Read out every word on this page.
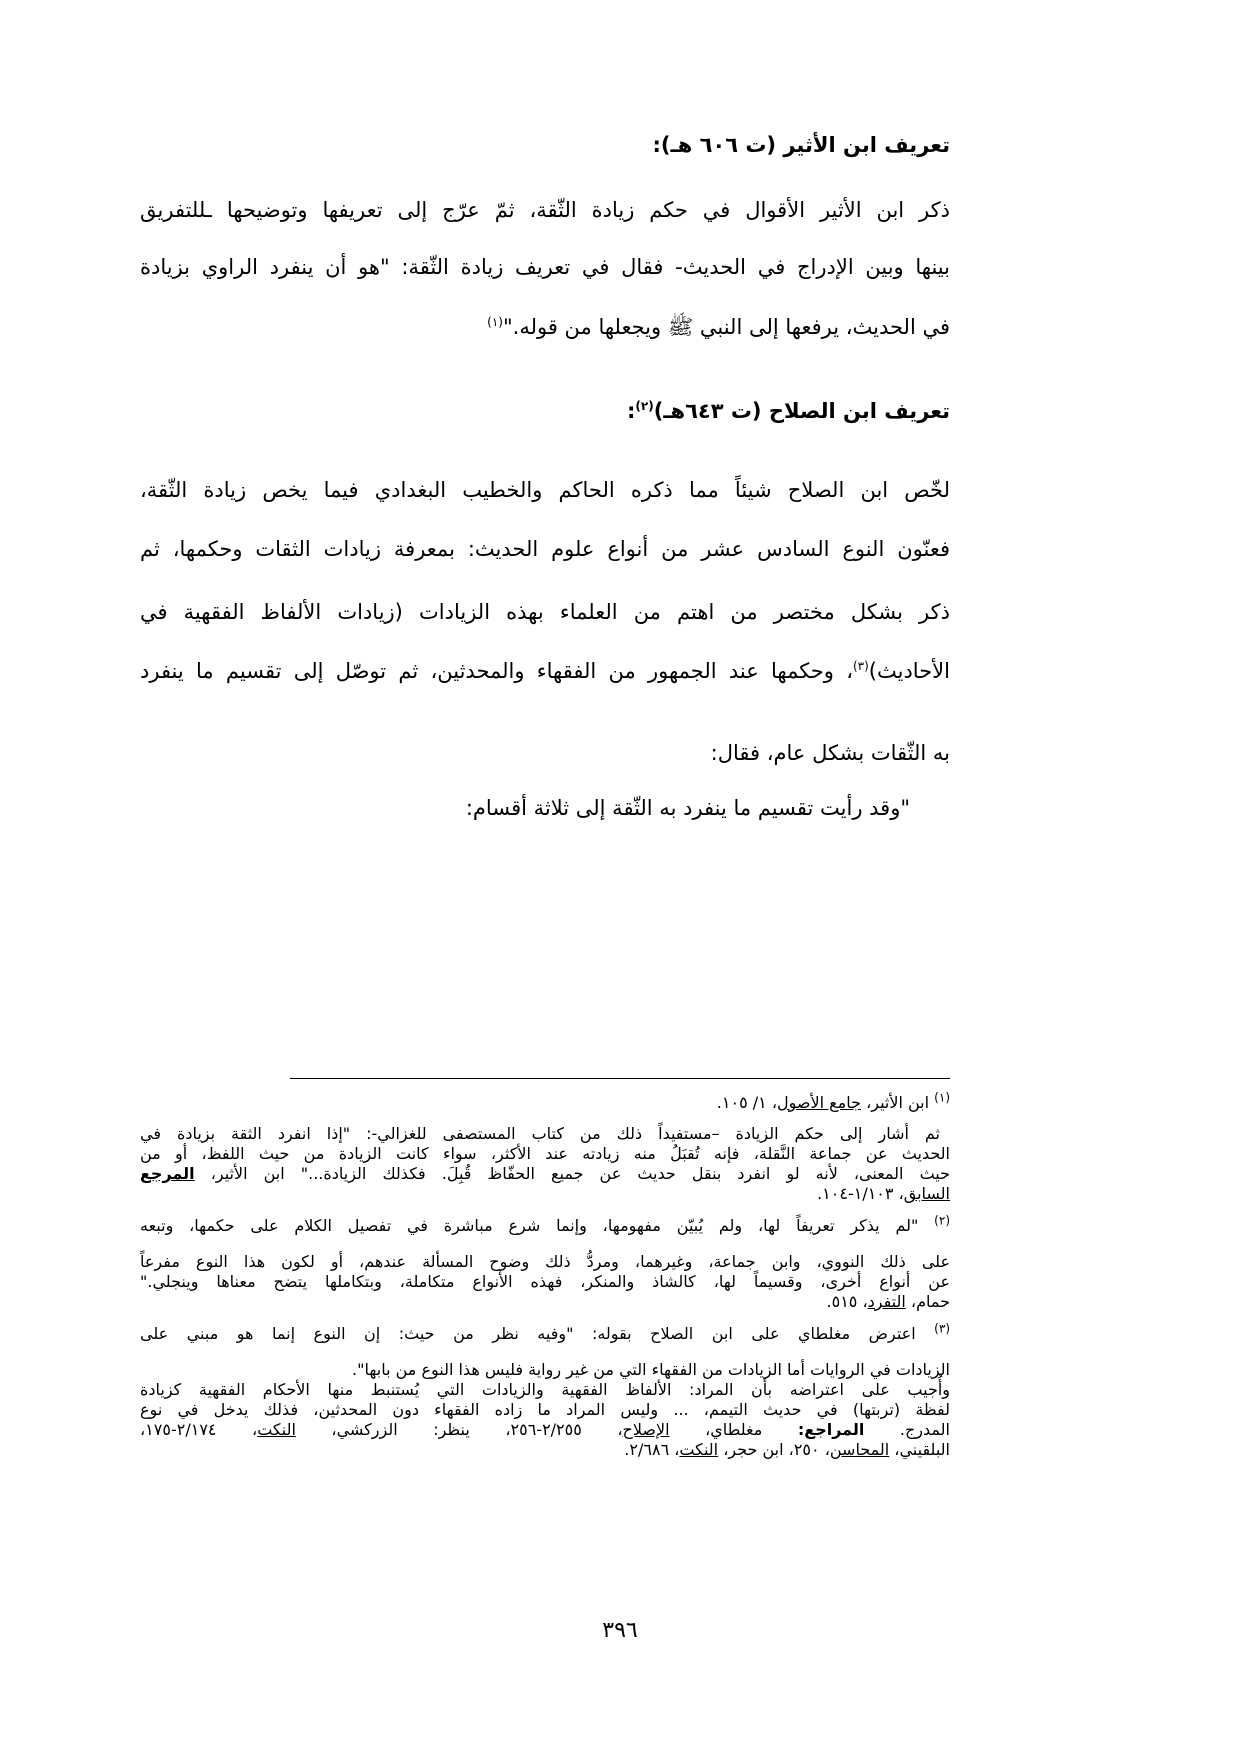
تعريف ابن الأثير (ت ٦٠٦ هـ):

ذكر ابن الأثير الأقوال في حكم زيادة الثّقة، ثمّ عرّج إلى تعريفها وتوضيحها ـللتفريق

بينها وبين الإدراج في الحديث- فقال في تعريف زيادة الثّقة: "هو أن ينفرد الراوي بزيادة

في الحديث، يرفعها إلى النبي ﷺ ويجعلها من قوله."$^{(١)}$

تعريف ابن الصلاح (ت ٦٤٣هـ)$^{(٢)}$:

لخّص ابن الصلاح شيئاً مما ذكره الحاكم والخطيب البغدادي فيما يخص زيادة الثّقة،

فعنّون النوع السادس عشر من أنواع علوم الحديث: بمعرفة زيادات الثقات وحكمها، ثم

ذكر بشكل مختصر من اهتم من العلماء بهذه الزيادات (زيادات الألفاظ الفقهية في

الأحاديث)$^{(٣)}$، وحكمها عند الجمهور من الفقهاء والمحدثين، ثم توصّل إلى تقسيم ما ينفرد

به الثّقات بشكل عام، فقال:

"وقد رأيت تقسيم ما ينفرد به الثّقة إلى ثلاثة أقسام:

$^{(١)}$ ابن الأثير، جامع الأصول، ١/ ١٠٥.
ثم أشار إلى حكم الزيادة –مستفيداً ذلك من كتاب المستصفى للغزالي-: "إذا انفرد الثقة بزيادة في
الحديث عن جماعة النَّقلة، فإنه تُقبَلُ منه زيادته عند الأكثر، سواء كانت الزيادة من حيث اللفظ، أو من
حيث المعنى، لأنه لو انفرد بنقل حديث عن جميع الحفّاظ قُبِلَ. فكذلك الزيادة..." ابن الأثير، المرجع
السابق، ١/١٠٣-١٠٤.
$^{(٢)}$ "لم يذكر تعريفاً لها، ولم يُبيّن مفهومها، وإنما شرع مباشرة في تفصيل الكلام على حكمها، وتبعه
على ذلك النووي، وابن جماعة، وغيرهما، ومردُّ ذلك وضوح المسألة عندهم، أو لكون هذا النوع مفرعاً
عن أنواع أخرى، وقسيماً لها، كالشاذ والمنكر، فهذه الأنواع متكاملة، وبتكاملها يتضح معناها وينجلي."
حمام، التفرد، ٥١٥.
$^{(٣)}$ اعترض مغلطاي على ابن الصلاح بقوله: "وفيه نظر من حيث: إن النوع إنما هو مبني على
الزيادات في الروايات أما الزيادات من الفقهاء التي من غير رواية فليس هذا النوع من بابها".
وأُجيب على اعتراضه بأن المراد: الألفاظ الفقهية والزيادات التي يُستنبط منها الأحكام الفقهية كزيادة
لفظة (تربتها) في حديث التيمم، ... وليس المراد ما زاده الفقهاء دون المحدثين، فذلك يدخل في نوع
المدرج. المراجع: مغلطاي، الإصلاح، ٢/٢٥٥-٢٥٦، ينظر: الزركشي، النكت، ٢/١٧٤-١٧٥،
البلقيني، المحاسن، ٢٥٠، ابن حجر، النكت، ٢/٦٨٦.
٣٩٦
